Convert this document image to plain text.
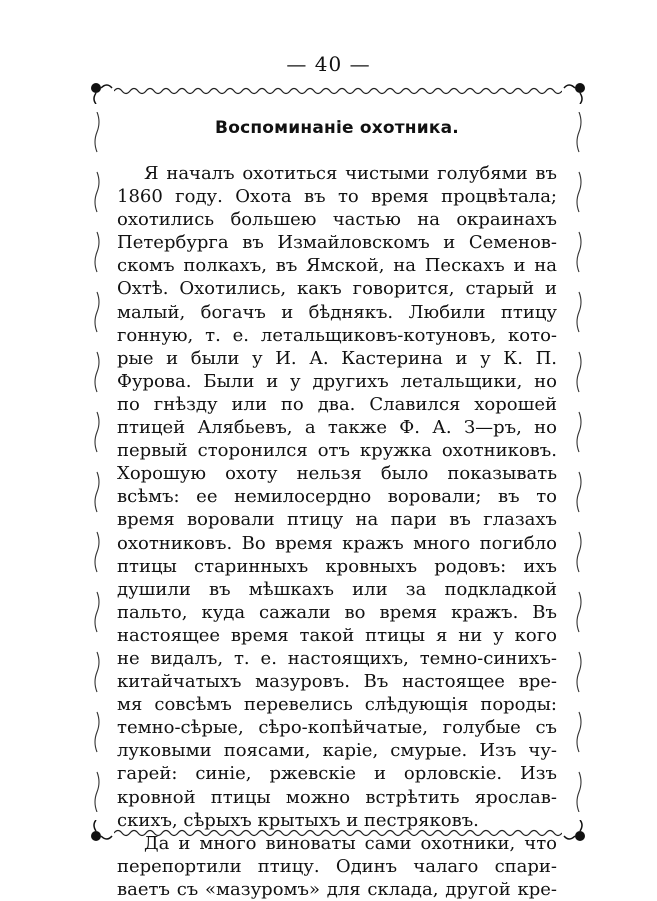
— 40 —
Воспоминаніе охотника.
Я началъ охотиться чистыми голубями въ
1860 году. Охота въ то время процвѣтала;
охотились большею частью на окраинахъ
Петербурга въ Измайловскомъ и Семенов-
скомъ полкахъ, въ Ямской, на Пескахъ и на
Охтѣ. Охотились, какъ говорится, старый и
малый, богачъ и бѣднякъ. Любили птицу
гонную, т. е. летальщиковъ-котуновъ, кото-
рые и были у И. А. Кастерина и у К. П.
Фурова. Были и у другихъ летальщики, но
по гнѣзду или по два. Славился хорошей
птицей Алябьевъ, а также Ф. А. З—ръ, но
первый сторонился отъ кружка охотниковъ.
Хорошую охоту нельзя было показывать
всѣмъ: ее немилосердно воровали; въ то
время воровали птицу на пари въ глазахъ
охотниковъ. Во время кражъ много погибло
птицы старинныхъ кровныхъ родовъ: ихъ
душили въ мѣшкахъ или за подкладкой
пальто, куда сажали во время кражъ. Въ
настоящее время такой птицы я ни у кого
не видалъ, т. е. настоящихъ, темно-синихъ-
китайчатыхъ мазуровъ. Въ настоящее вре-
мя совсѣмъ перевелись слѣдующія породы:
темно-сѣрые, сѣро-копѣйчатые, голубые съ
луковыми поясами, каріе, смурые. Изъ чу-
гарей: синіе, ржевскіе и орловскіе. Изъ
кровной птицы можно встрѣтить ярослав-
скихъ, сѣрыхъ крытыхъ и пестряковъ.
Да и много виноваты сами охотники, что
перепортили птицу. Одинъ чалаго спари-
ваетъ съ «мазуромъ» для склада, другой кре-
